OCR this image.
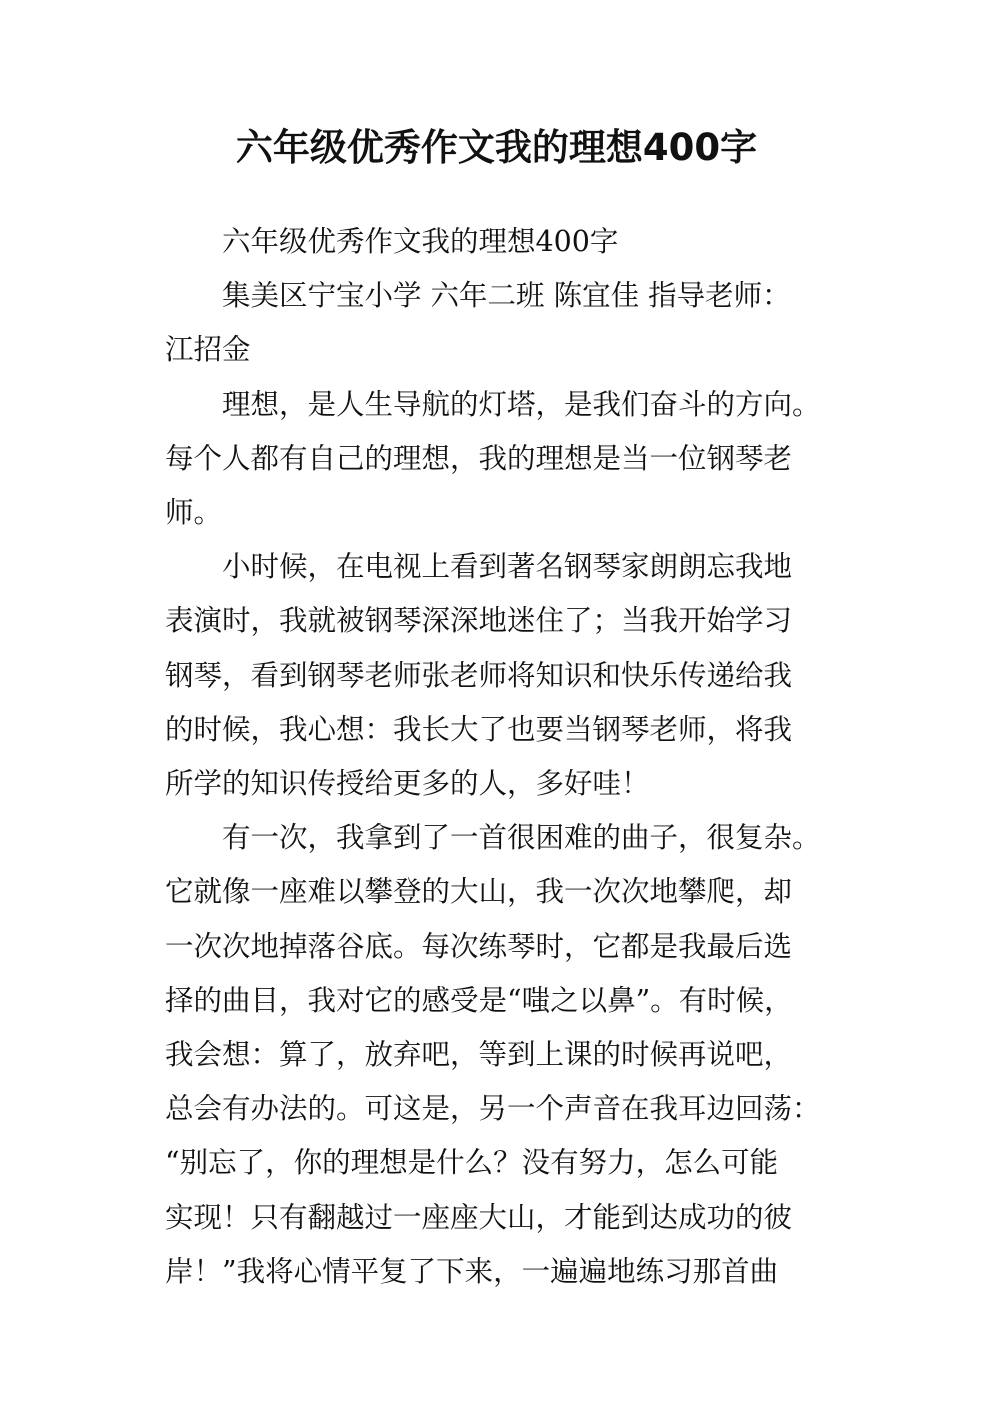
六年级优秀作文我的理想400字

六年级优秀作文我的理想400字

集美区宁宝小学 六年二班 陈宜佳 指导老师：
江招金

理想，是人生导航的灯塔，是我们奋斗的方向。
每个人都有自己的理想，我的理想是当一位钢琴老
师。

小时候，在电视上看到著名钢琴家朗朗忘我地
表演时，我就被钢琴深深地迷住了；当我开始学习
钢琴，看到钢琴老师张老师将知识和快乐传递给我
的时候，我心想：我长大了也要当钢琴老师，将我
所学的知识传授给更多的人，多好哇！

有一次，我拿到了一首很困难的曲子，很复杂。
它就像一座难以攀登的大山，我一次次地攀爬，却
一次次地掉落谷底。每次练琴时，它都是我最后选
择的曲目，我对它的感受是“嗤之以鼻”。有时候，
我会想：算了，放弃吧，等到上课的时候再说吧，
总会有办法的。可这是，另一个声音在我耳边回荡：
“别忘了，你的理想是什么？没有努力，怎么可能
实现！只有翻越过一座座大山，才能到达成功的彼
岸！”我将心情平复了下来，一遍遍地练习那首曲
